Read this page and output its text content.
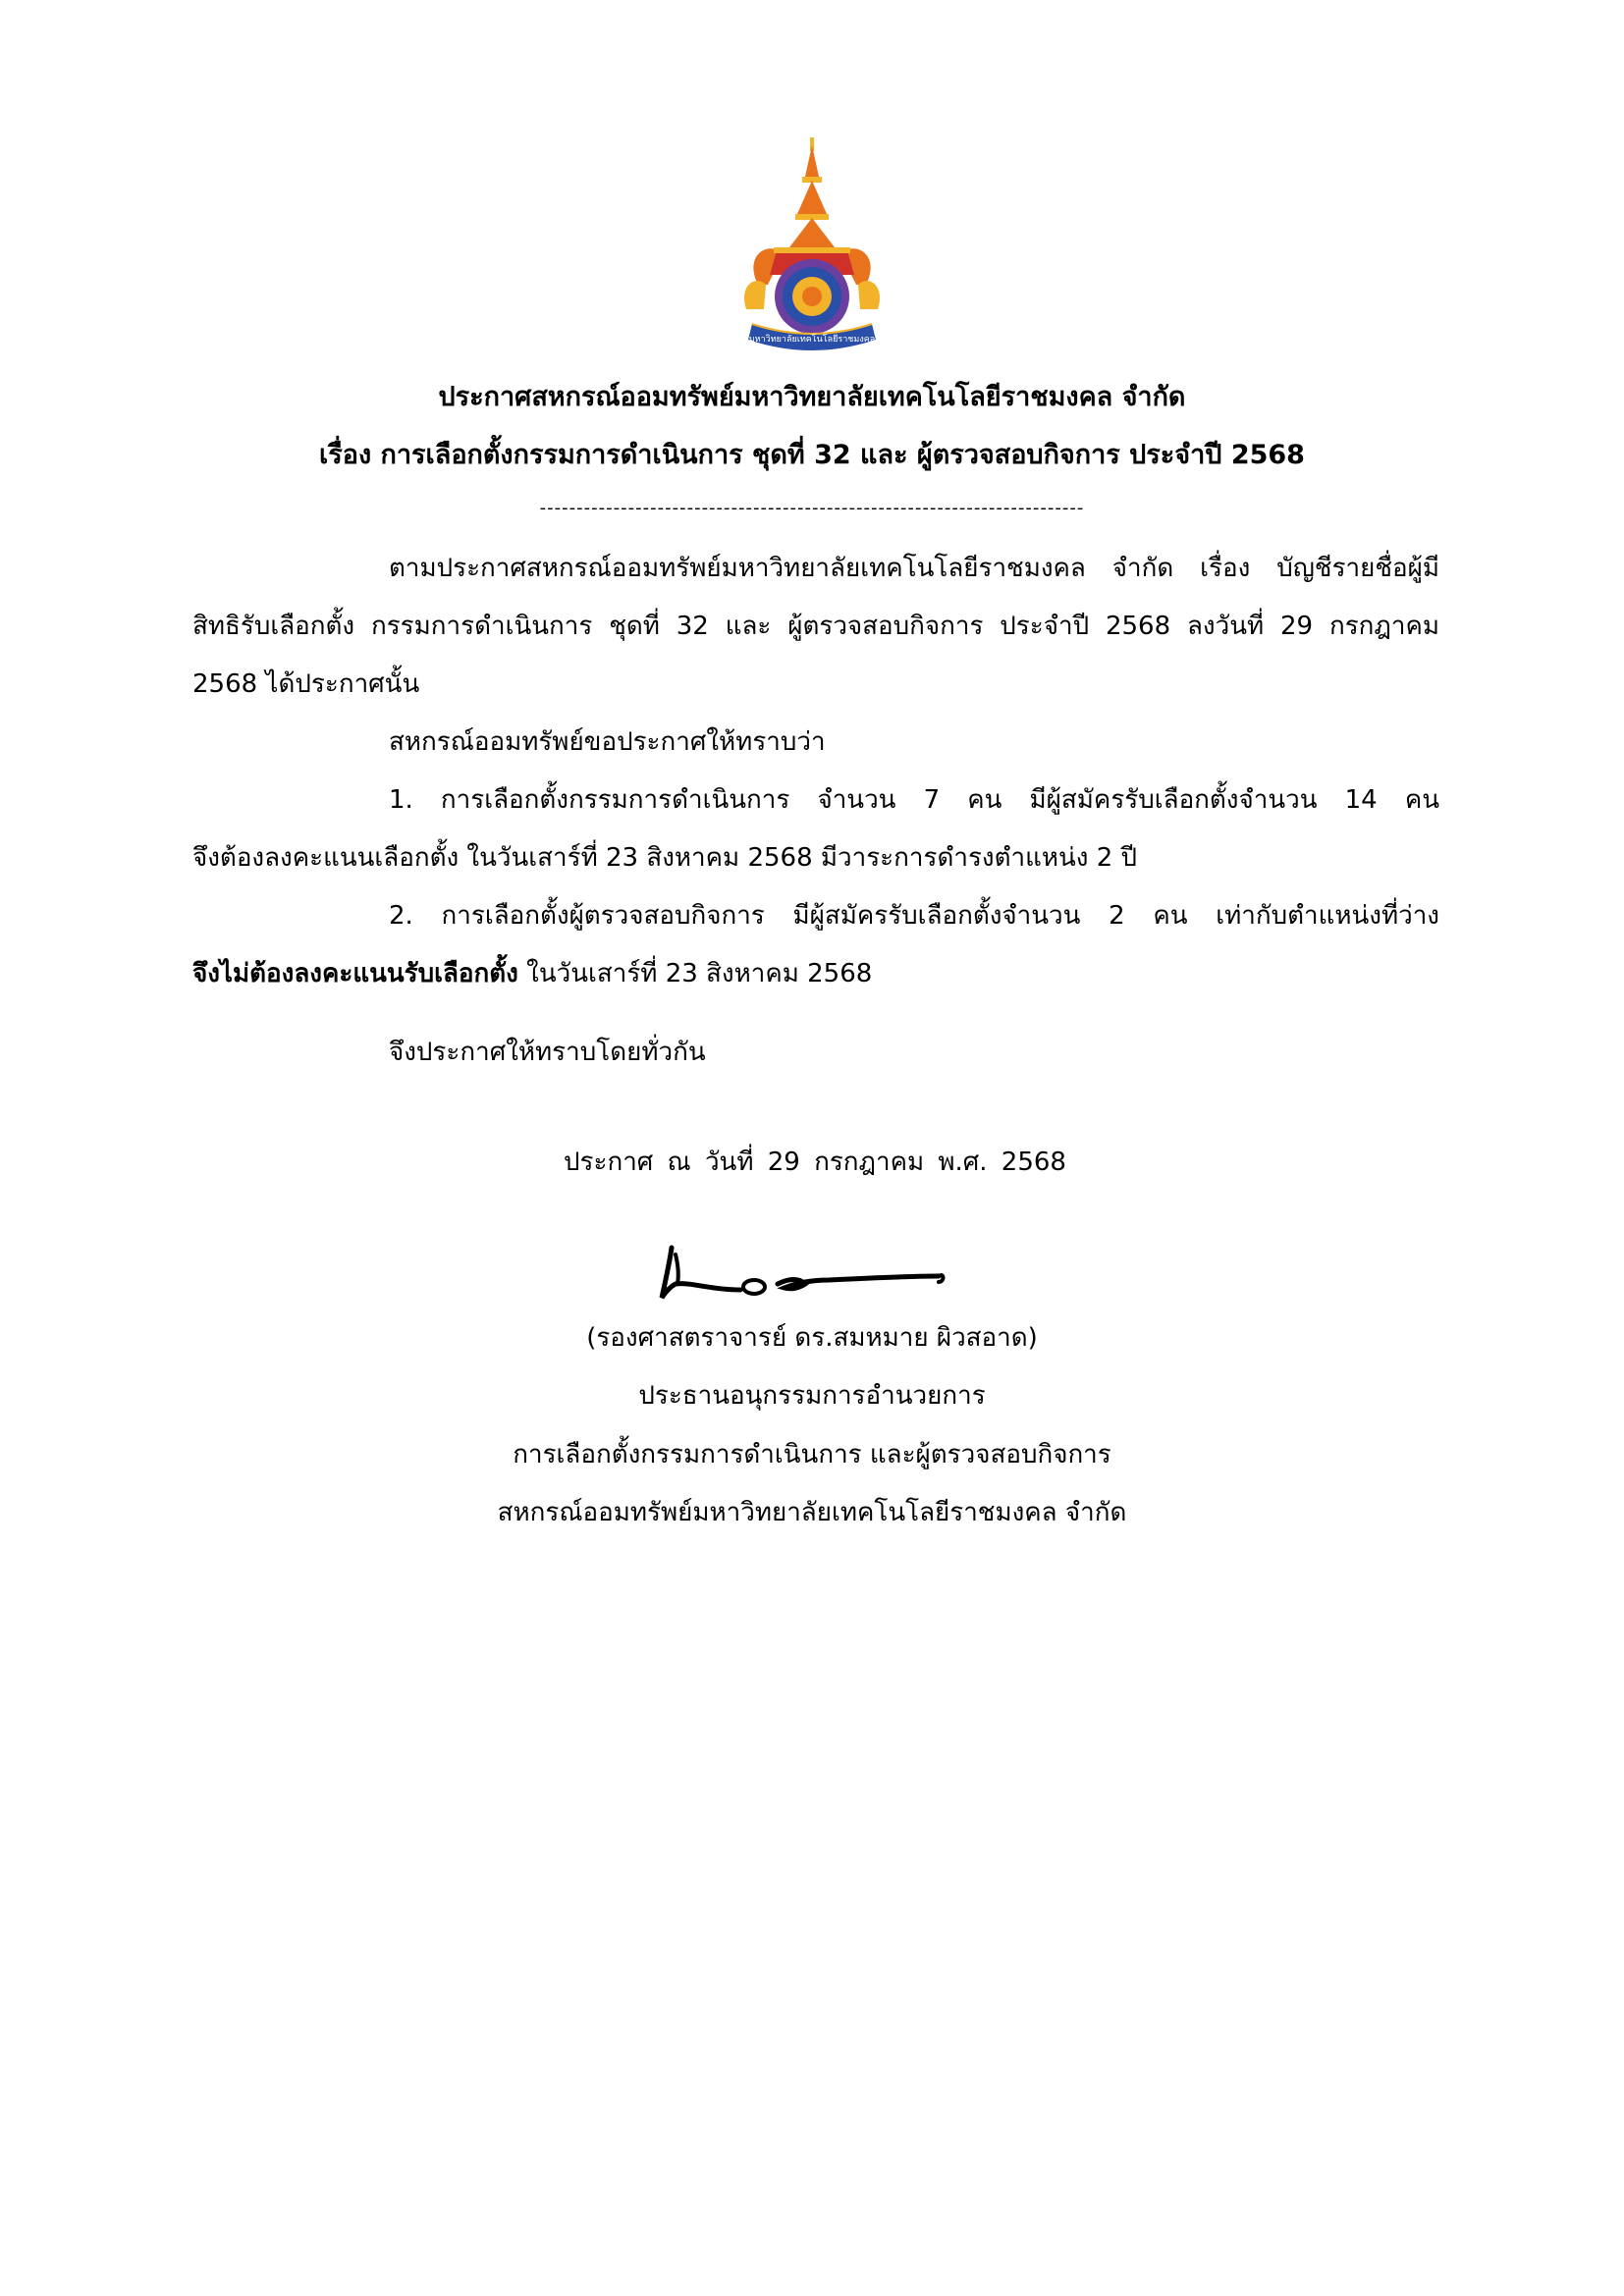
มหาวิทยาลัยเทคโนโลยีราชมงคล
ประกาศสหกรณ์ออมทรัพย์มหาวิทยาลัยเทคโนโลยีราชมงคล จำกัด
เรื่อง การเลือกตั้งกรรมการดำเนินการ ชุดที่ 32 และ ผู้ตรวจสอบกิจการ ประจำปี 2568
--------------------------------------------------------------------------
ตามประกาศสหกรณ์ออมทรัพย์มหาวิทยาลัยเทคโนโลยีราชมงคล จำกัด เรื่อง บัญชีรายชื่อผู้มี
สิทธิรับเลือกตั้ง กรรมการดำเนินการ ชุดที่ 32 และ ผู้ตรวจสอบกิจการ ประจำปี 2568 ลงวันที่ 29 กรกฎาคม
2568 ได้ประกาศนั้น
สหกรณ์ออมทรัพย์ขอประกาศให้ทราบว่า
1. การเลือกตั้งกรรมการดำเนินการ จำนวน 7 คน มีผู้สมัครรับเลือกตั้งจำนวน 14 คน
จึงต้องลงคะแนนเลือกตั้ง ในวันเสาร์ที่ 23 สิงหาคม 2568 มีวาระการดำรงตำแหน่ง 2 ปี
2. การเลือกตั้งผู้ตรวจสอบกิจการ มีผู้สมัครรับเลือกตั้งจำนวน 2 คน เท่ากับตำแหน่งที่ว่าง
จึงไม่ต้องลงคะแนนรับเลือกตั้ง ในวันเสาร์ที่ 23 สิงหาคม 2568
จึงประกาศให้ทราบโดยทั่วกัน
ประกาศ ณ วันที่ 29 กรกฎาคม พ.ศ. 2568
(รองศาสตราจารย์ ดร.สมหมาย ผิวสอาด)
ประธานอนุกรรมการอำนวยการ
การเลือกตั้งกรรมการดำเนินการ และผู้ตรวจสอบกิจการ
สหกรณ์ออมทรัพย์มหาวิทยาลัยเทคโนโลยีราชมงคล จำกัด
